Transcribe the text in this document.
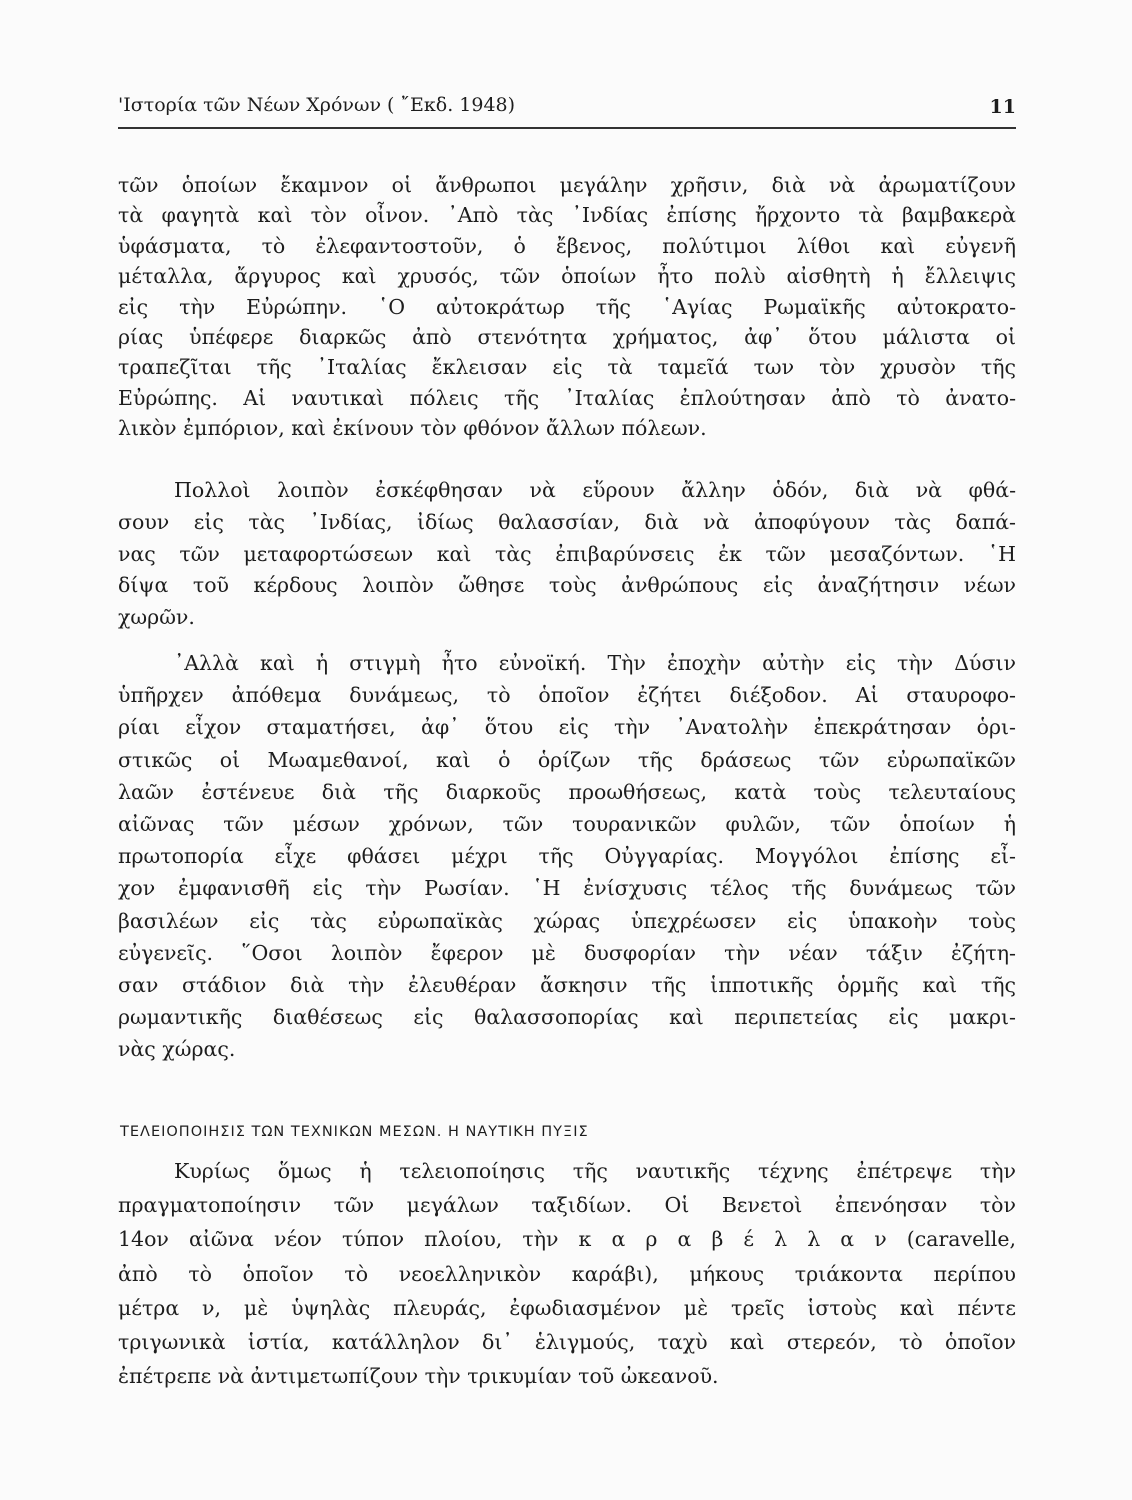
'Ιστορία τῶν Νέων Χρόνων ( ῎Εκδ. 1948)	11
τῶν ὁποίων ἔκαμνον οἱ ἄνθρωποι μεγάλην χρῆσιν, διὰ νὰ ἀρωματίζουν
τὰ φαγητὰ καὶ τὸν οἶνον. ᾿Απὸ τὰς ᾿Ινδίας ἐπίσης ἤρχοντο τὰ βαμβακερὰ
ὑφάσματα, τὸ ἐλεφαντοστοῦν, ὁ ἔβενος, πολύτιμοι λίθοι καὶ εὐγενῆ
μέταλλα, ἄργυρος καὶ χρυσός, τῶν ὁποίων ἦτο πολὺ αἰσθητὴ ἡ ἔλλειψις
εἰς τὴν Εὐρώπην. ῾Ο αὐτοκράτωρ τῆς ῾Αγίας Ρωμαϊκῆς αὐτοκρατο-
ρίας ὑπέφερε διαρκῶς ἀπὸ στενότητα χρήματος, ἀφ᾿ ὅτου μάλιστα οἱ
τραπεζῖται τῆς ᾿Ιταλίας ἔκλεισαν εἰς τὰ ταμεῖά των τὸν χρυσὸν τῆς
Εὐρώπης. Αἱ ναυτικαὶ πόλεις τῆς ᾿Ιταλίας ἐπλούτησαν ἀπὸ τὸ ἀνατο-
λικὸν ἐμπόριον, καὶ ἐκίνουν τὸν φθόνον ἄλλων πόλεων.
Πολλοὶ λοιπὸν ἐσκέφθησαν νὰ εὕρουν ἄλλην ὁδόν, διὰ νὰ φθά-
σουν εἰς τὰς ᾿Ινδίας, ἰδίως θαλασσίαν, διὰ νὰ ἀποφύγουν τὰς δαπά-
νας τῶν μεταφορτώσεων καὶ τὰς ἐπιβαρύνσεις ἐκ τῶν μεσαζόντων. ῾Η
δίψα τοῦ κέρδους λοιπὸν ὤθησε τοὺς ἀνθρώπους εἰς ἀναζήτησιν νέων
χωρῶν.
᾿Αλλὰ καὶ ἡ στιγμὴ ἦτο εὐνοϊκή. Τὴν ἐποχὴν αὐτὴν εἰς τὴν Δύσιν
ὑπῆρχεν ἀπόθεμα δυνάμεως, τὸ ὁποῖον ἐζήτει διέξοδον. Αἱ σταυροφο-
ρίαι εἶχον σταματήσει, ἀφ᾿ ὅτου εἰς τὴν ᾿Ανατολὴν ἐπεκράτησαν ὁρι-
στικῶς οἱ Μωαμεθανοί, καὶ ὁ ὁρίζων τῆς δράσεως τῶν εὐρωπαϊκῶν
λαῶν ἐστένευε διὰ τῆς διαρκοῦς προωθήσεως, κατὰ τοὺς τελευταίους
αἰῶνας τῶν μέσων χρόνων, τῶν τουρανικῶν φυλῶν, τῶν ὁποίων ἡ
πρωτοπορία εἶχε φθάσει μέχρι τῆς Οὐγγαρίας. Μογγόλοι ἐπίσης εἶ-
χον ἐμφανισθῆ εἰς τὴν Ρωσίαν. ῾Η ἐνίσχυσις τέλος τῆς δυνάμεως τῶν
βασιλέων εἰς τὰς εὐρωπαϊκὰς χώρας ὑπεχρέωσεν εἰς ὑπακοὴν τοὺς
εὐγενεῖς. ῞Οσοι λοιπὸν ἔφερον μὲ δυσφορίαν τὴν νέαν τάξιν ἐζήτη-
σαν στάδιον διὰ τὴν ἐλευθέραν ἄσκησιν τῆς ἱπποτικῆς ὁρμῆς καὶ τῆς
ρωμαντικῆς διαθέσεως εἰς θαλασσοπορίας καὶ περιπετείας εἰς μακρι-
νὰς χώρας.
ΤΕΛΕΙΟΠΟΙΗΣΙΣ ΤΩΝ ΤΕΧΝΙΚΩΝ ΜΕΣΩΝ. Η ΝΑΥΤΙΚΗ ΠΥΞΙΣ
Κυρίως ὅμως ἡ τελειοποίησις τῆς ναυτικῆς τέχνης ἐπέτρεψε τὴν
πραγματοποίησιν τῶν μεγάλων ταξιδίων. Οἱ Βενετοὶ ἐπενόησαν τὸν
14ον αἰῶνα νέον τύπον πλοίου, τὴν κ α ρ α β έ λ λ α ν (caravelle,
ἀπὸ τὸ ὁποῖον τὸ νεοελληνικὸν καράβι), μήκους τριάκοντα περίπου
μέτρα ν, μὲ ὑψηλὰς πλευράς, ἐφωδιασμένον μὲ τρεῖς ἱστοὺς καὶ πέντε
τριγωνικὰ ἱστία, κατάλληλον δι᾿ ἑλιγμούς, ταχὺ καὶ στερεόν, τὸ ὁποῖον
ἐπέτρεπε νὰ ἀντιμετωπίζουν τὴν τρικυμίαν τοῦ ὠκεανοῦ.
